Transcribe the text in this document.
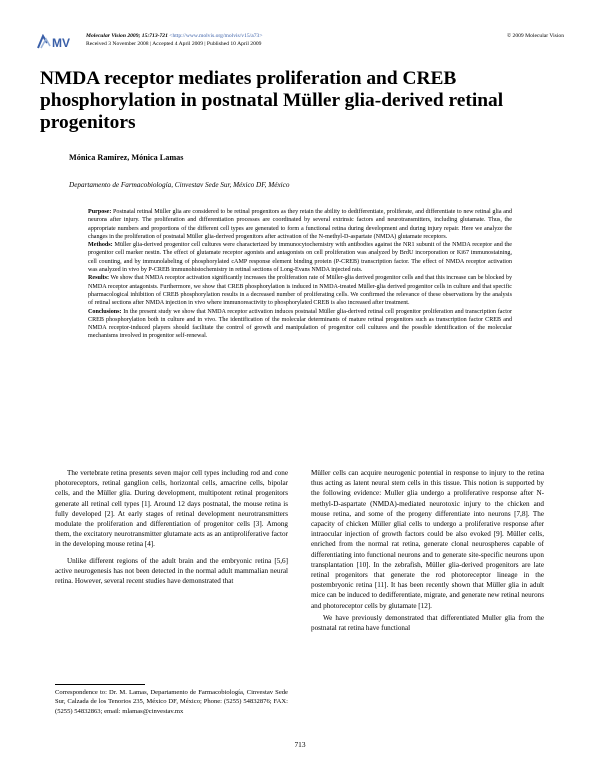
MV	Molecular Vision 2009; 15:713-721 <http://www.molvis.org/molvis/v15/a73>
Received 3 November 2008 | Accepted 4 April 2009 | Published 10 April 2009
© 2009 Molecular Vision
NMDA receptor mediates proliferation and CREB phosphorylation in postnatal Müller glia-derived retinal progenitors

Mónica Ramírez, Mónica Lamas

Departamento de Farmacobiología, Cinvestav Sede Sur, México DF, México

Purpose: Postnatal retinal Müller glia are considered to be retinal progenitors as they retain the ability to dedifferentiate, proliferate, and differentiate to new retinal glia and neurons after injury. The proliferation and differentiation processes are coordinated by several extrinsic factors and neurotransmitters, including glutamate. Thus, the appropriate numbers and proportions of the different cell types are generated to form a functional retina during development and during injury repair. Here we analyze the changes in the proliferation of postnatal Müller glia-derived progenitors after activation of the N-methyl-D-aspartate (NMDA) glutamate receptors.

Methods: Müller glia-derived progenitor cell cultures were characterized by immunocytochemistry with antibodies against the NR1 subunit of the NMDA receptor and the progenitor cell marker nestin. The effect of glutamate receptor agonists and antagonists on cell proliferation was analyzed by BrdU incorporation or Ki67 immunostaining, cell counting, and by immunolabeling of phosphorylated cAMP response element binding protein (P-CREB) transcription factor. The effect of NMDA receptor activation was analyzed in vivo by P-CREB immunohistochemistry in retinal sections of Long-Evans NMDA injected rats.

Results: We show that NMDA receptor activation significantly increases the proliferation rate of Müller-glia derived progenitor cells and that this increase can be blocked by NMDA receptor antagonists. Furthermore, we show that CREB phosphorylation is induced in NMDA-treated Müller-glia derived progenitor cells in culture and that specific pharmacological inhibition of CREB phosphorylation results in a decreased number of proliferating cells. We confirmed the relevance of these observations by the analysis of retinal sections after NMDA injection in vivo where immunoreactivity to phosphorylated CREB is also increased after treatment.

Conclusions: In the present study we show that NMDA receptor activation induces postnatal Müller glia-derived retinal cell progenitor proliferation and transcription factor CREB phosphorylation both in culture and in vivo. The identification of the molecular determinants of mature retinal progenitors such as transcription factor CREB and NMDA receptor-induced players should facilitate the control of growth and manipulation of progenitor cell cultures and the possible identification of the molecular mechanisms involved in progenitor self-renewal.

The vertebrate retina presents seven major cell types including rod and cone photoreceptors, retinal ganglion cells, horizontal cells, amacrine cells, bipolar cells, and the Müller glia. During development, multipotent retinal progenitors generate all retinal cell types [1]. Around 12 days postnatal, the mouse retina is fully developed [2]. At early stages of retinal development neurotransmitters modulate the proliferation and differentiation of progenitor cells [3]. Among them, the excitatory neurotransmitter glutamate acts as an antiproliferative factor in the developing mouse retina [4].

Unlike different regions of the adult brain and the embryonic retina [5,6] active neurogenesis has not been detected in the normal adult mammalian neural retina. However, several recent studies have demonstrated that

Müller cells can acquire neurogenic potential in response to injury to the retina thus acting as latent neural stem cells in this tissue. This notion is supported by the following evidence: Muller glia undergo a proliferative response after N-methyl-D-aspartate (NMDA)-mediated neurotoxic injury to the chicken and mouse retina, and some of the progeny differentiate into neurons [7,8]. The capacity of chicken Müller glial cells to undergo a proliferative response after intraocular injection of growth factors could be also evoked [9]. Müller cells, enriched from the normal rat retina, generate clonal neurospheres capable of differentiating into functional neurons and to generate site-specific neurons upon transplantation [10]. In the zebrafish, Müller glia-derived progenitors are late retinal progenitors that generate the rod photoreceptor lineage in the postembryonic retina [11]. It has been recently shown that Müller glia in adult mice can be induced to dedifferentiate, migrate, and generate new retinal neurons and photoreceptor cells by glutamate [12].

We have previously demonstrated that differentiated Muller glia from the postnatal rat retina have functional

Correspondence to: Dr. M. Lamas, Departamento de Farmacobiología, Cinvestav Sede Sur, Calzada de los Tenorios 235, México DF, México; Phone: (5255) 54832876; FAX: (5255) 54832863; email: mlamas@cinvestav.mx

713
